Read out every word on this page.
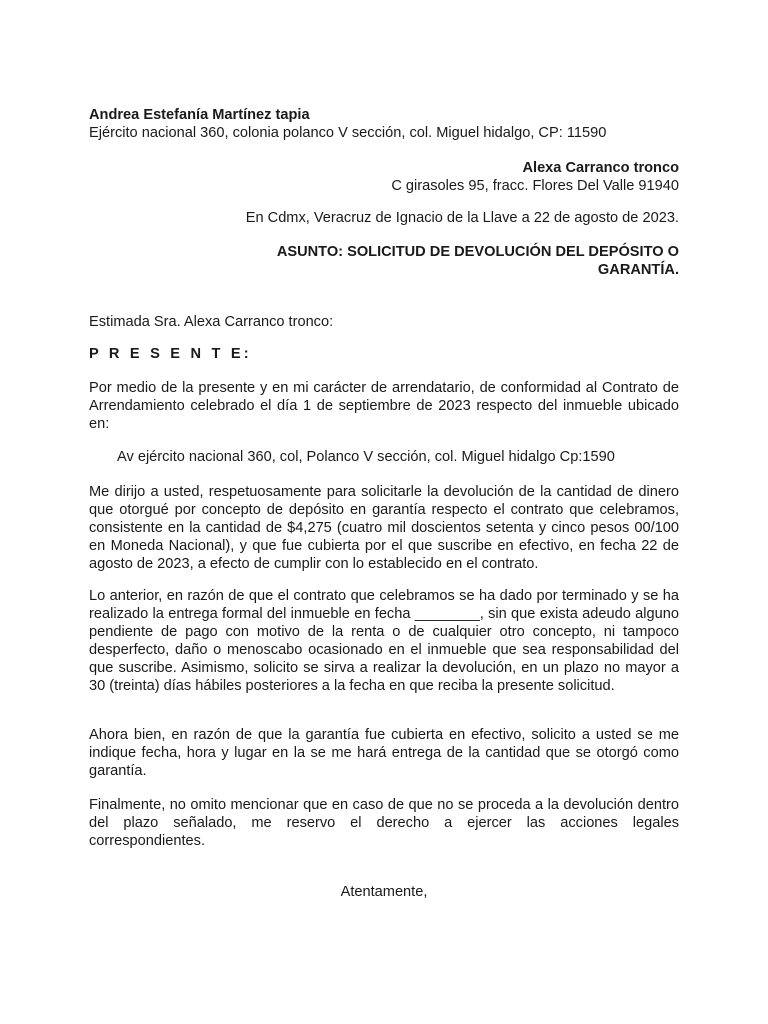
Andrea Estefanía Martínez tapia
Ejército nacional 360, colonia polanco V sección, col. Miguel hidalgo, CP: 11590
Alexa Carranco tronco
C girasoles 95, fracc. Flores Del Valle 91940
En Cdmx, Veracruz de Ignacio de la Llave a 22 de agosto de 2023.
ASUNTO: SOLICITUD DE DEVOLUCIÓN DEL DEPÓSITO O
GARANTÍA.
Estimada Sra. Alexa Carranco tronco:
P R E S E N T E:
Por medio de la presente y en mi carácter de arrendatario, de conformidad al Contrato de Arrendamiento celebrado el día 1 de septiembre de 2023 respecto del inmueble ubicado en:
Av ejército nacional 360, col, Polanco V sección, col. Miguel hidalgo Cp:1590
Me dirijo a usted, respetuosamente para solicitarle la devolución de la cantidad de dinero que otorgué por concepto de depósito en garantía respecto el contrato que celebramos, consistente en la cantidad de $4,275 (cuatro mil doscientos setenta y cinco pesos 00/100 en Moneda Nacional), y que fue cubierta por el que suscribe en efectivo, en fecha 22 de agosto de 2023, a efecto de cumplir con lo establecido en el contrato.
Lo anterior, en razón de que el contrato que celebramos se ha dado por terminado y se ha realizado la entrega formal del inmueble en fecha ________, sin que exista adeudo alguno pendiente de pago con motivo de la renta o de cualquier otro concepto, ni tampoco desperfecto, daño o menoscabo ocasionado en el inmueble que sea responsabilidad del que suscribe. Asimismo, solicito se sirva a realizar la devolución, en un plazo no mayor a 30 (treinta) días hábiles posteriores a la fecha en que reciba la presente solicitud.
Ahora bien, en razón de que la garantía fue cubierta en efectivo, solicito a usted se me indique fecha, hora y lugar en la se me hará entrega de la cantidad que se otorgó como garantía.
Finalmente, no omito mencionar que en caso de que no se proceda a la devolución dentro del plazo señalado, me reservo el derecho a ejercer las acciones legales correspondientes.
Atentamente,
